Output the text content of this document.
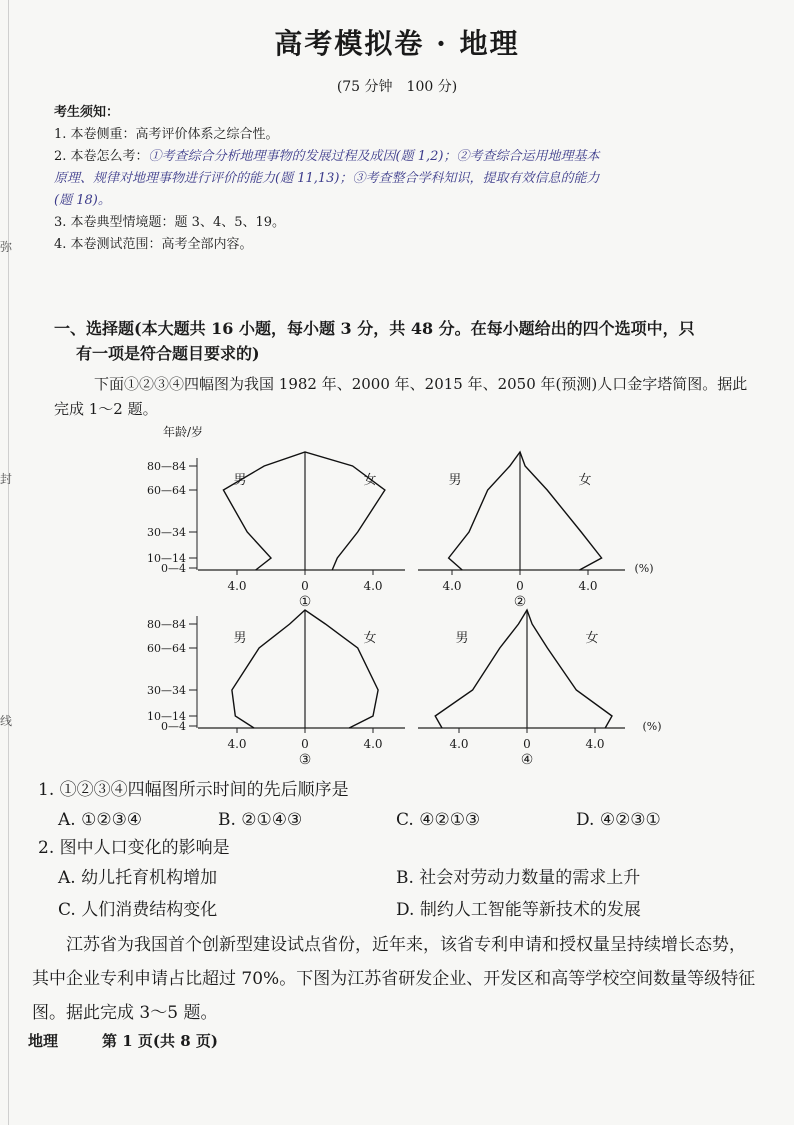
弥
封
线
高考模拟卷 · 地理
(75 分钟　100 分)

考生须知：

1. 本卷侧重：高考评价体系之综合性。

2. 本卷怎么考：①考查综合分析地理事物的发展过程及成因(题 1,2)；②考查综合运用地理基本

原理、规律对地理事物进行评价的能力(题 11,13)；③考查整合学科知识，提取有效信息的能力

(题 18)。

3. 本卷典型情境题：题 3、4、5、19。

4. 本卷测试范围：高考全部内容。

一、选择题(本大题共 16 小题，每小题 3 分，共 48 分。在每小题给出的四个选项中，只
有一项是符合题目要求的)
下面①②③④四幅图为我国 1982 年、2000 年、2015 年、2050 年(预测)人口金字塔简图。据此完成 1～2 题。
年龄/岁
80—84
60—64
30—34
10—14
0—4
80—84
60—64
30—34
10—14
0—4
4.0	0	4.0
男	女
①
4.0	0	4.0
男	女
②
4.0	0	4.0
男	女
③
4.0	0	4.0
男	女
④
(%)
(%)
1. ①②③④四幅图所示时间的先后顺序是
A. ①②③④	B. ②①④③	C. ④②①③	D. ④②③①
2. 图中人口变化的影响是
A. 幼儿托育机构增加	B. 社会对劳动力数量的需求上升
C. 人们消费结构变化	D. 制约人工智能等新技术的发展
江苏省为我国首个创新型建设试点省份，近年来，该省专利申请和授权量呈持续增长态势，其中企业专利申请占比超过 70%。下图为江苏省研发企业、开发区和高等学校空间数量等级特征图。据此完成 3～5 题。
地理	第 1 页(共 8 页)
